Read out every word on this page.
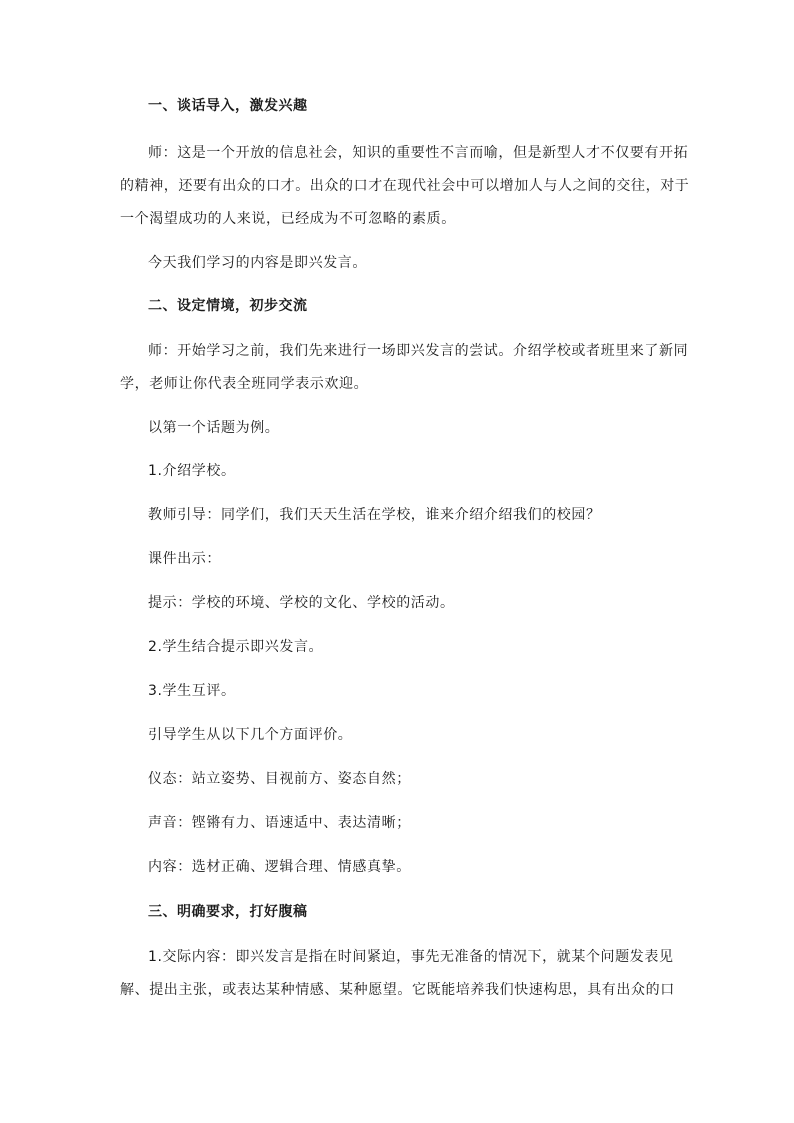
一、谈话导入，激发兴趣
师：这是一个开放的信息社会，知识的重要性不言而喻，但是新型人才不仅要有开拓
的精神，还要有出众的口才。出众的口才在现代社会中可以增加人与人之间的交往，对于
一个渴望成功的人来说，已经成为不可忽略的素质。
今天我们学习的内容是即兴发言。
二、设定情境，初步交流
师：开始学习之前，我们先来进行一场即兴发言的尝试。介绍学校或者班里来了新同
学，老师让你代表全班同学表示欢迎。
以第一个话题为例。
1.介绍学校。
教师引导：同学们，我们天天生活在学校，谁来介绍介绍我们的校园？
课件出示：
提示：学校的环境、学校的文化、学校的活动。
2.学生结合提示即兴发言。
3.学生互评。
引导学生从以下几个方面评价。
仪态：站立姿势、目视前方、姿态自然；
声音：铿锵有力、语速适中、表达清晰；
内容：选材正确、逻辑合理、情感真挚。
三、明确要求，打好腹稿
1.交际内容：即兴发言是指在时间紧迫，事先无准备的情况下，就某个问题发表见
解、提出主张，或表达某种情感、某种愿望。它既能培养我们快速构思，具有出众的口
